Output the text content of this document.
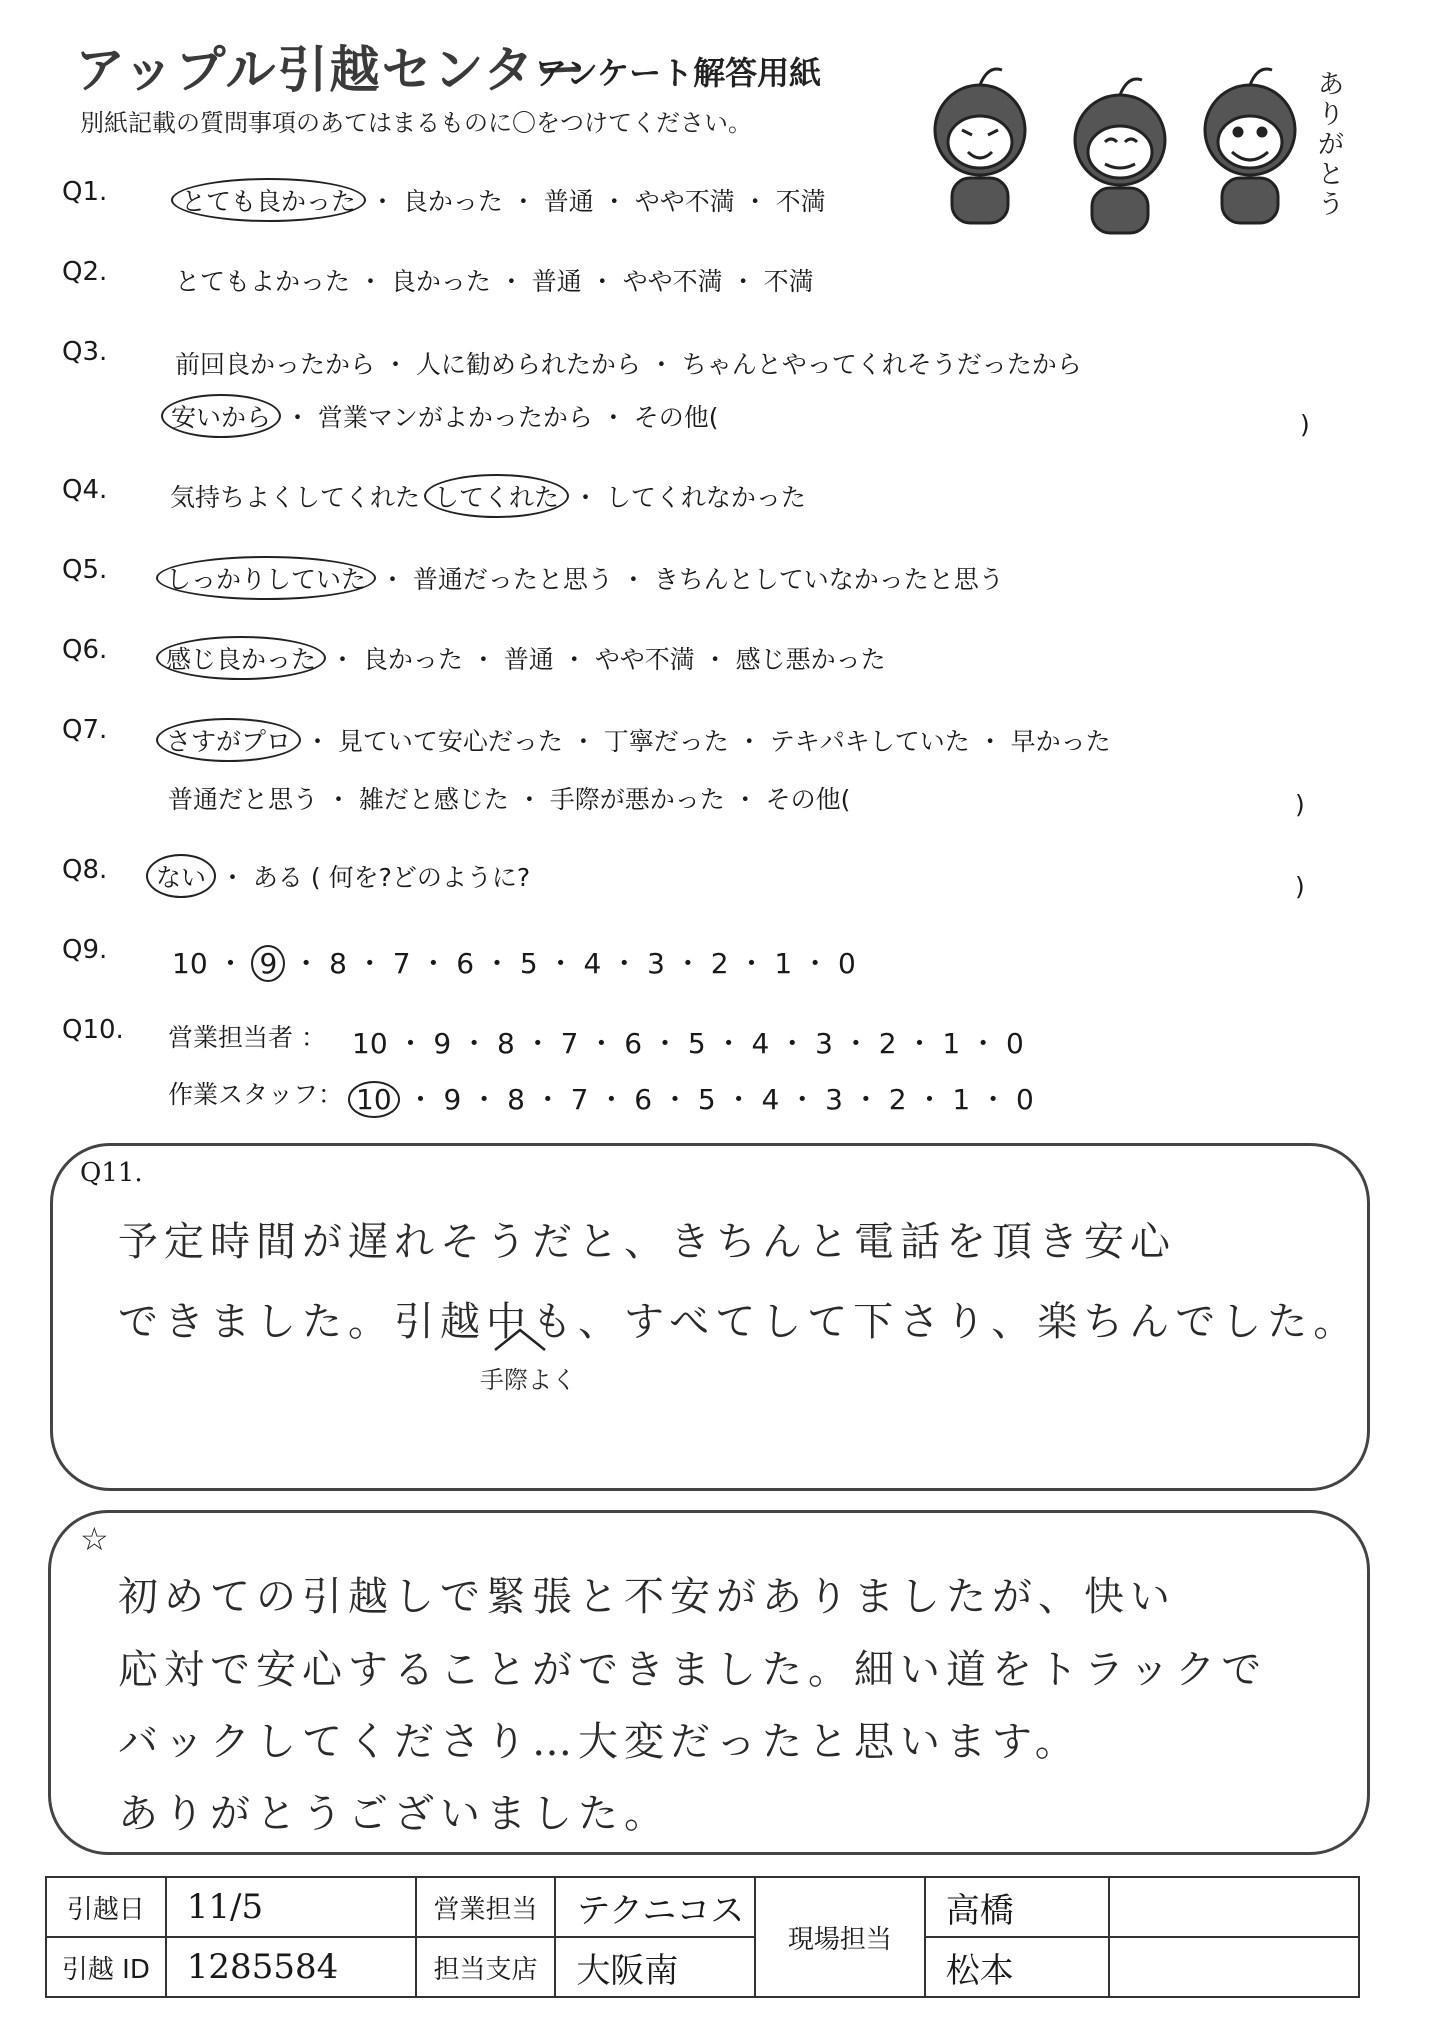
アップル引越センター
アンケート解答用紙
別紙記載の質問事項のあてはまるものに〇をつけてください。
ありがとう
Q1.	とても良かった ・ 良かった ・ 普通 ・ やや不満 ・ 不満
Q2.	とてもよかった ・ 良かった ・ 普通 ・ やや不満 ・ 不満
Q3.	前回良かったから ・ 人に勧められたから ・ ちゃんとやってくれそうだったから
安いから ・ 営業マンがよかったから ・ その他(	)
Q4.	気持ちよくしてくれた してくれた ・ してくれなかった
Q5. しっかりしていた ・ 普通だったと思う ・ きちんとしていなかったと思う
Q6. 感じ良かった ・ 良かった ・ 普通 ・ やや不満 ・ 感じ悪かった
Q7. さすがプロ ・ 見ていて安心だった ・ 丁寧だった ・ テキパキしていた ・ 早かった
普通だと思う ・ 雑だと感じた ・ 手際が悪かった ・ その他(	)
Q8. ない ・ ある ( 何を?どのように?	)
Q9. 10 ・ 9 ・ 8 ・ 7 ・ 6 ・ 5 ・ 4 ・ 3 ・ 2 ・ 1 ・ 0
Q10. 営業担当者 ： 10 ・ 9 ・ 8 ・ 7 ・ 6 ・ 5 ・ 4 ・ 3 ・ 2 ・ 1 ・ 0
作業スタッフ： 10 ・ 9 ・ 8 ・ 7 ・ 6 ・ 5 ・ 4 ・ 3 ・ 2 ・ 1 ・ 0
Q11.
予定時間が遅れそうだと、きちんと電話を頂き安心
できました。引越中も、すべてして下さり、楽ちんでした。
手際よく
☆
初めての引越しで緊張と不安がありましたが、快い
応対で安心することができました。細い道をトラックで
バックしてくださり…大変だったと思います。
ありがとうございました。
引越日	11/5	営業担当	テクニコス	現場担当	高橋	
引越 ID	1285584	担当支店	大阪南		松本	
